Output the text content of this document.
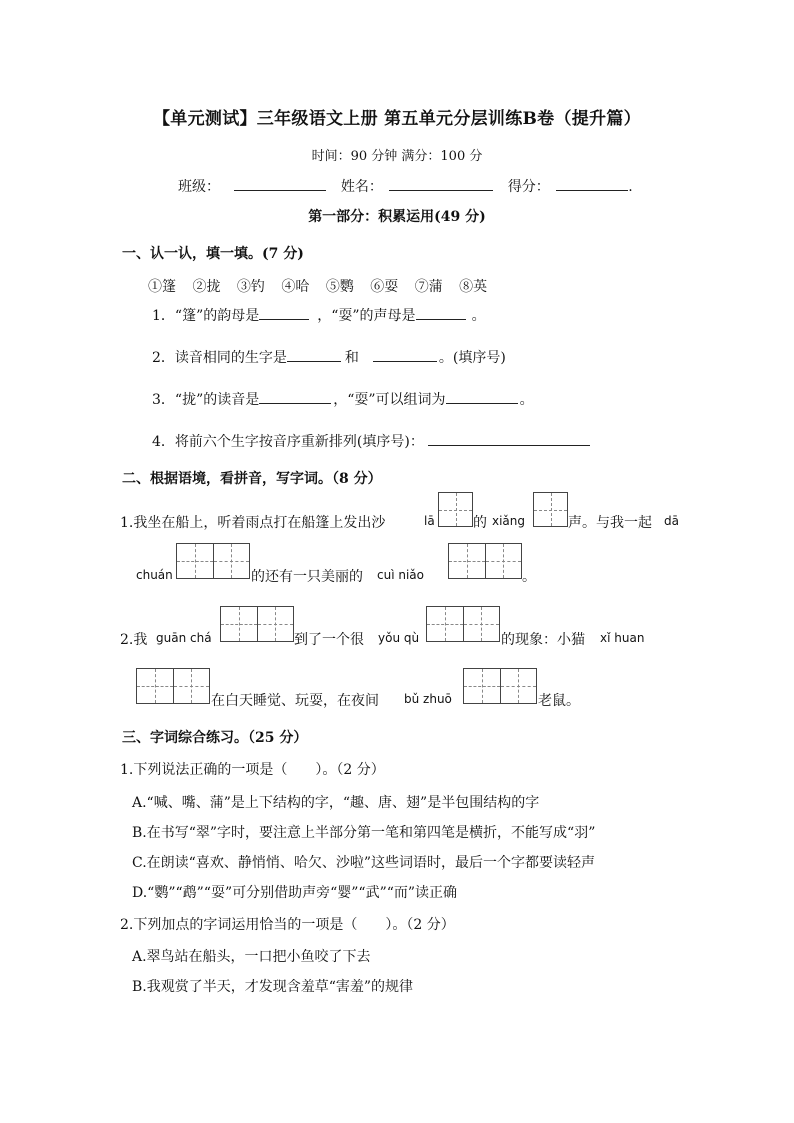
【单元测试】三年级语文上册 第五单元分层训练B卷（提升篇）
时间：90 分钟 满分：100 分
班级：	姓名：	得分：	.
第一部分：积累运用(49 分)
一、认一认，填一填。(7 分)
①篷 ②拢 ③钓 ④哈 ⑤鹦 ⑥耍 ⑦蒲 ⑧英
1．“篷”的韵母是	，“耍”的声母是	。
2．读音相同的生字是	和	。(填序号)
3．“拢”的读音是	，“耍”可以组词为	。
4．将前六个生字按音序重新排列(填序号)：
二、根据语境，看拼音，写字词。（8 分）
1.我坐在船上，听着雨点打在船篷上发出沙	lā	的 xiǎng	声。与我一起 dā
chuán	的还有一只美丽的 cuì niǎo	。
2.我 guān chá	到了一个很 yǒu qù	的现象：小猫 xǐ huan
在白天睡觉、玩耍，在夜间 bǔ zhuō	老鼠。
三、字词综合练习。（25 分）
1.下列说法正确的一项是（　　）。（2 分）
A.“喊、嘴、蒲”是上下结构的字，“趣、唐、翅”是半包围结构的字
B.在书写“翠”字时，要注意上半部分第一笔和第四笔是横折，不能写成“羽”
C.在朗读“喜欢、静悄悄、哈欠、沙啦”这些词语时，最后一个字都要读轻声
D.“鹦”“鹉”“耍”可分别借助声旁“婴”“武”“而”读正确
2.下列加点的字词运用恰当的一项是（　　）。（2 分）
A.翠鸟站在船头，一口把小鱼咬了下去
B.我观赏了半天，才发现含羞草“害羞”的规律
